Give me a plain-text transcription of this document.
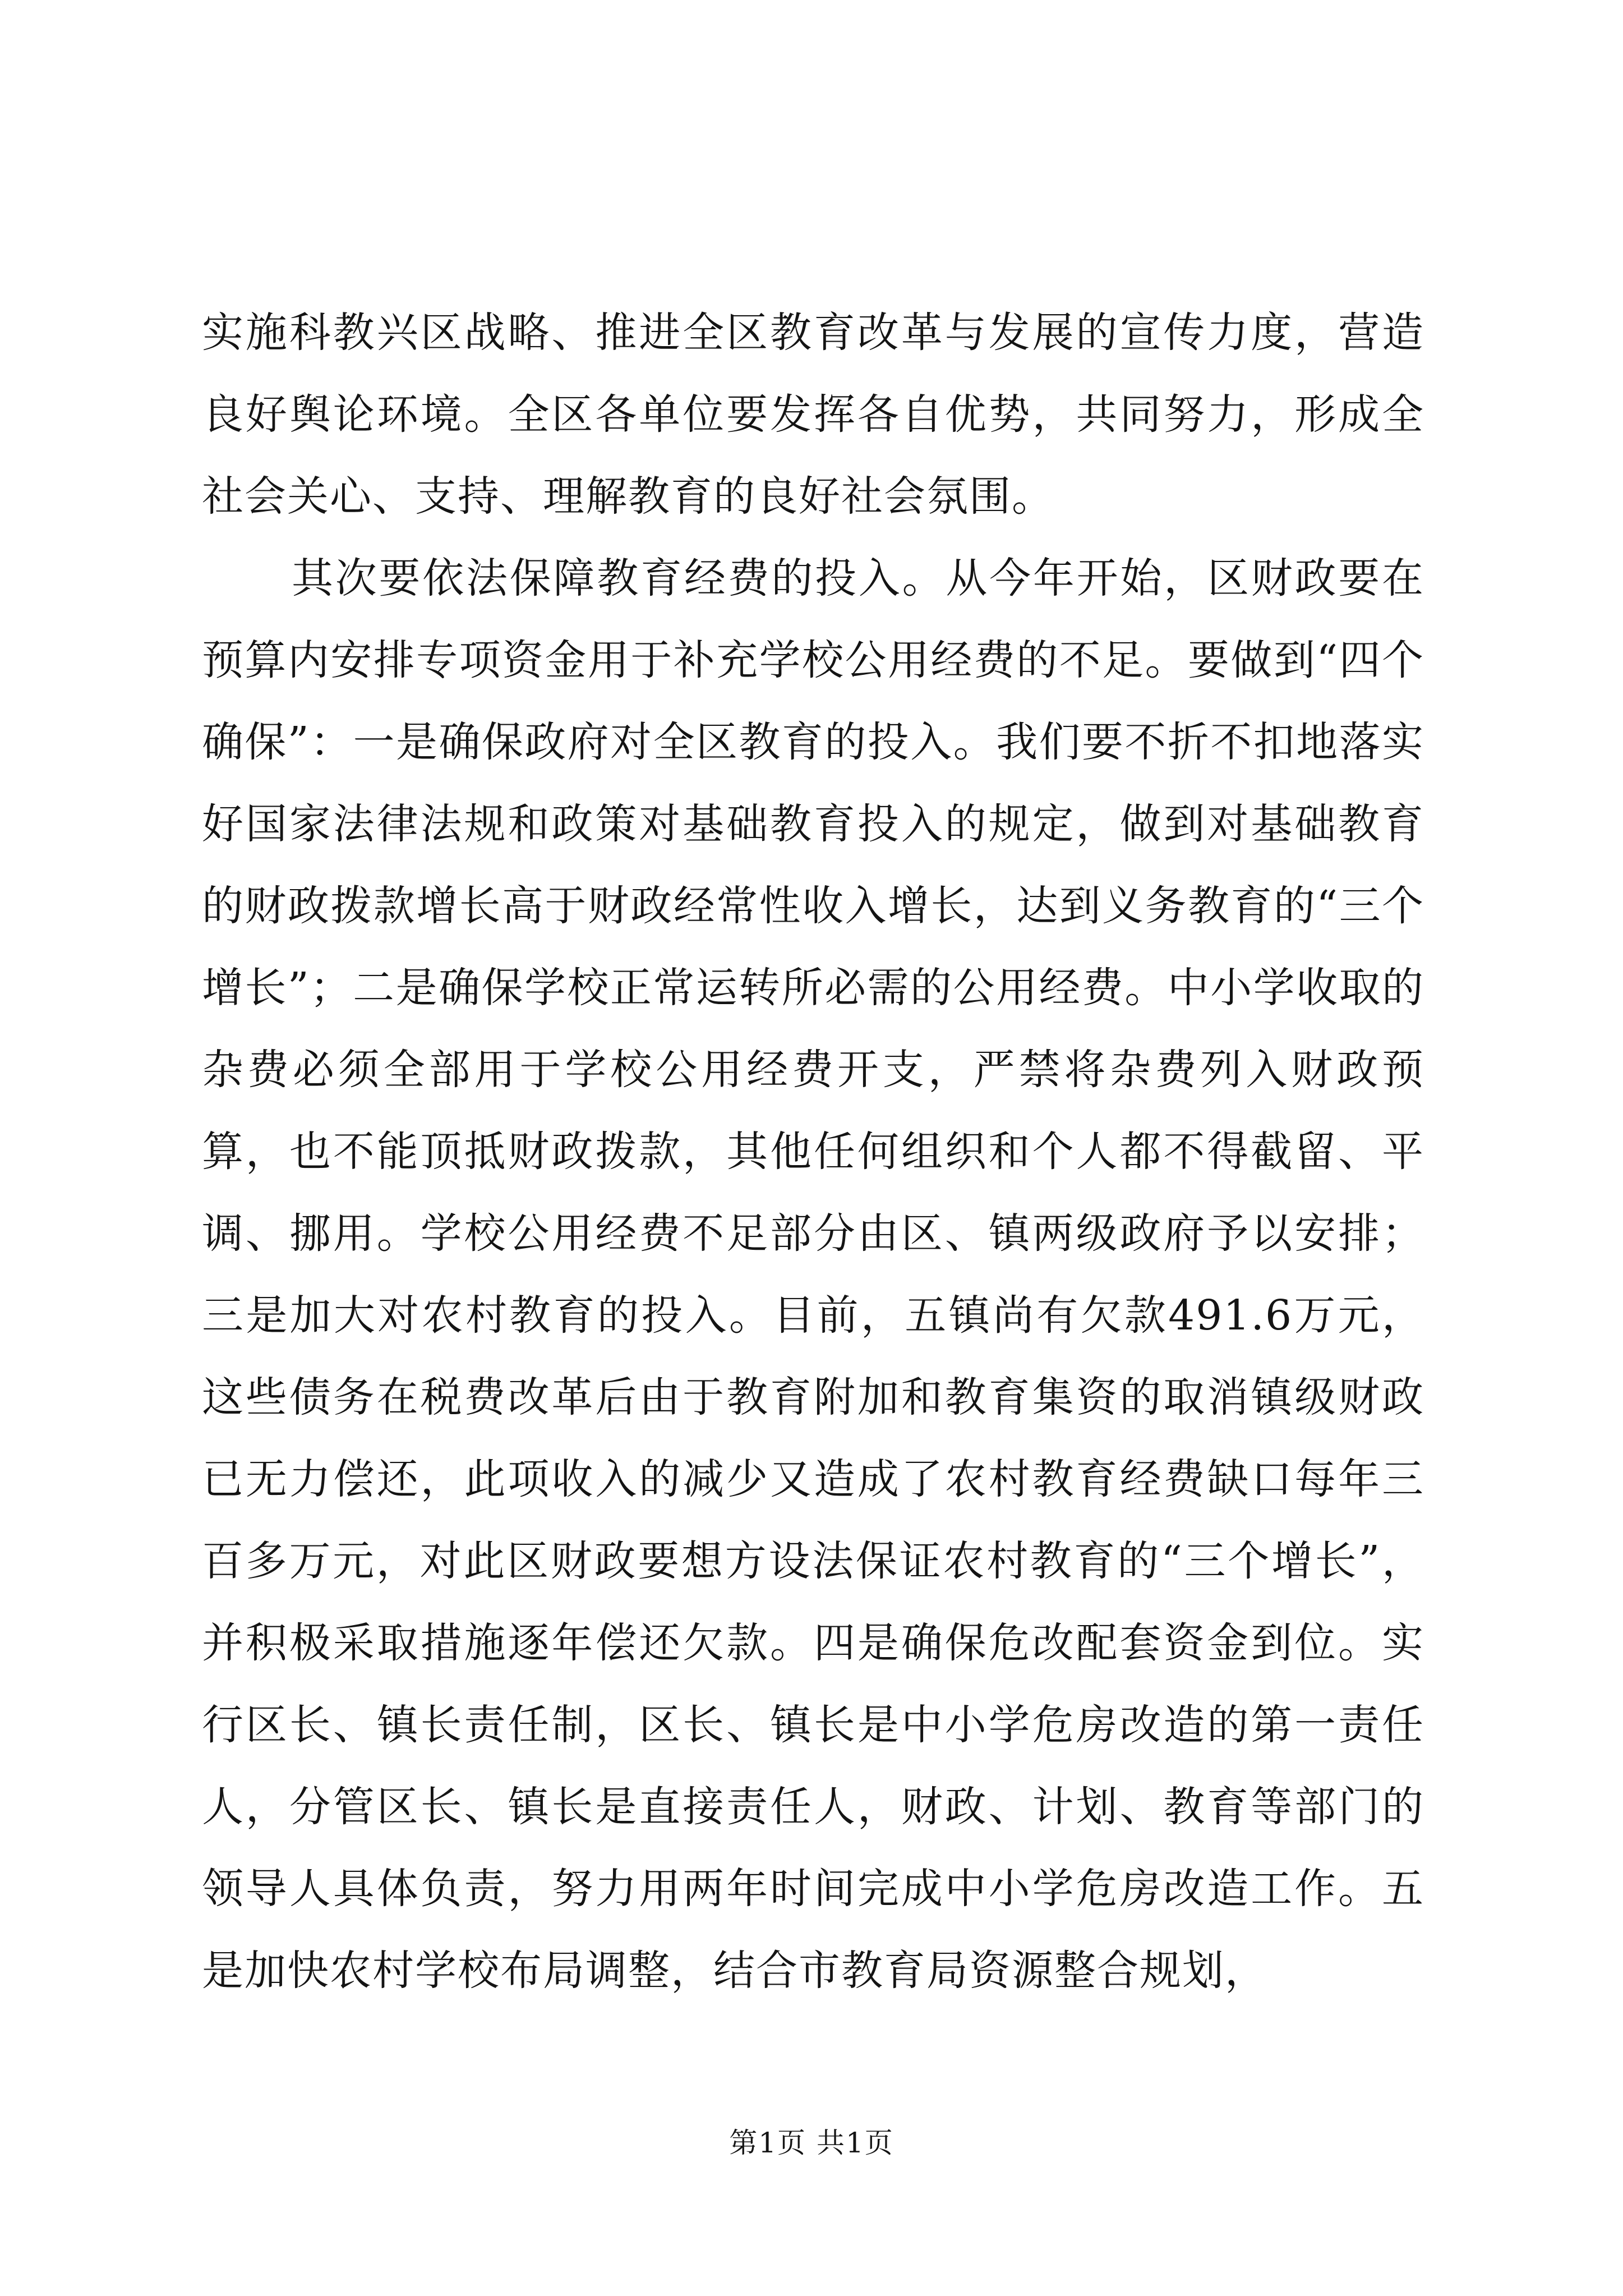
实施科教兴区战略、推进全区教育改革与发展的宣传力度，营造良好舆论环境。全区各单位要发挥各自优势，共同努力，形成全社会关心、支持、理解教育的良好社会氛围。

其次要依法保障教育经费的投入。从今年开始，区财政要在预算内安排专项资金用于补充学校公用经费的不足。要做到“四个确保”：一是确保政府对全区教育的投入。我们要不折不扣地落实好国家法律法规和政策对基础教育投入的规定，做到对基础教育的财政拨款增长高于财政经常性收入增长，达到义务教育的“三个增长”；二是确保学校正常运转所必需的公用经费。中小学收取的杂费必须全部用于学校公用经费开支，严禁将杂费列入财政预算，也不能顶抵财政拨款，其他任何组织和个人都不得截留、平调、挪用。学校公用经费不足部分由区、镇两级政府予以安排；三是加大对农村教育的投入。目前，五镇尚有欠款491.6万元，这些债务在税费改革后由于教育附加和教育集资的取消镇级财政已无力偿还，此项收入的减少又造成了农村教育经费缺口每年三百多万元，对此区财政要想方设法保证农村教育的“三个增长”，并积极采取措施逐年偿还欠款。四是确保危改配套资金到位。实行区长、镇长责任制，区长、镇长是中小学危房改造的第一责任人，分管区长、镇长是直接责任人，财政、计划、教育等部门的领导人具体负责，努力用两年时间完成中小学危房改造工作。五是加快农村学校布局调整，结合市教育局资源整合规划，

第1页 共1页
